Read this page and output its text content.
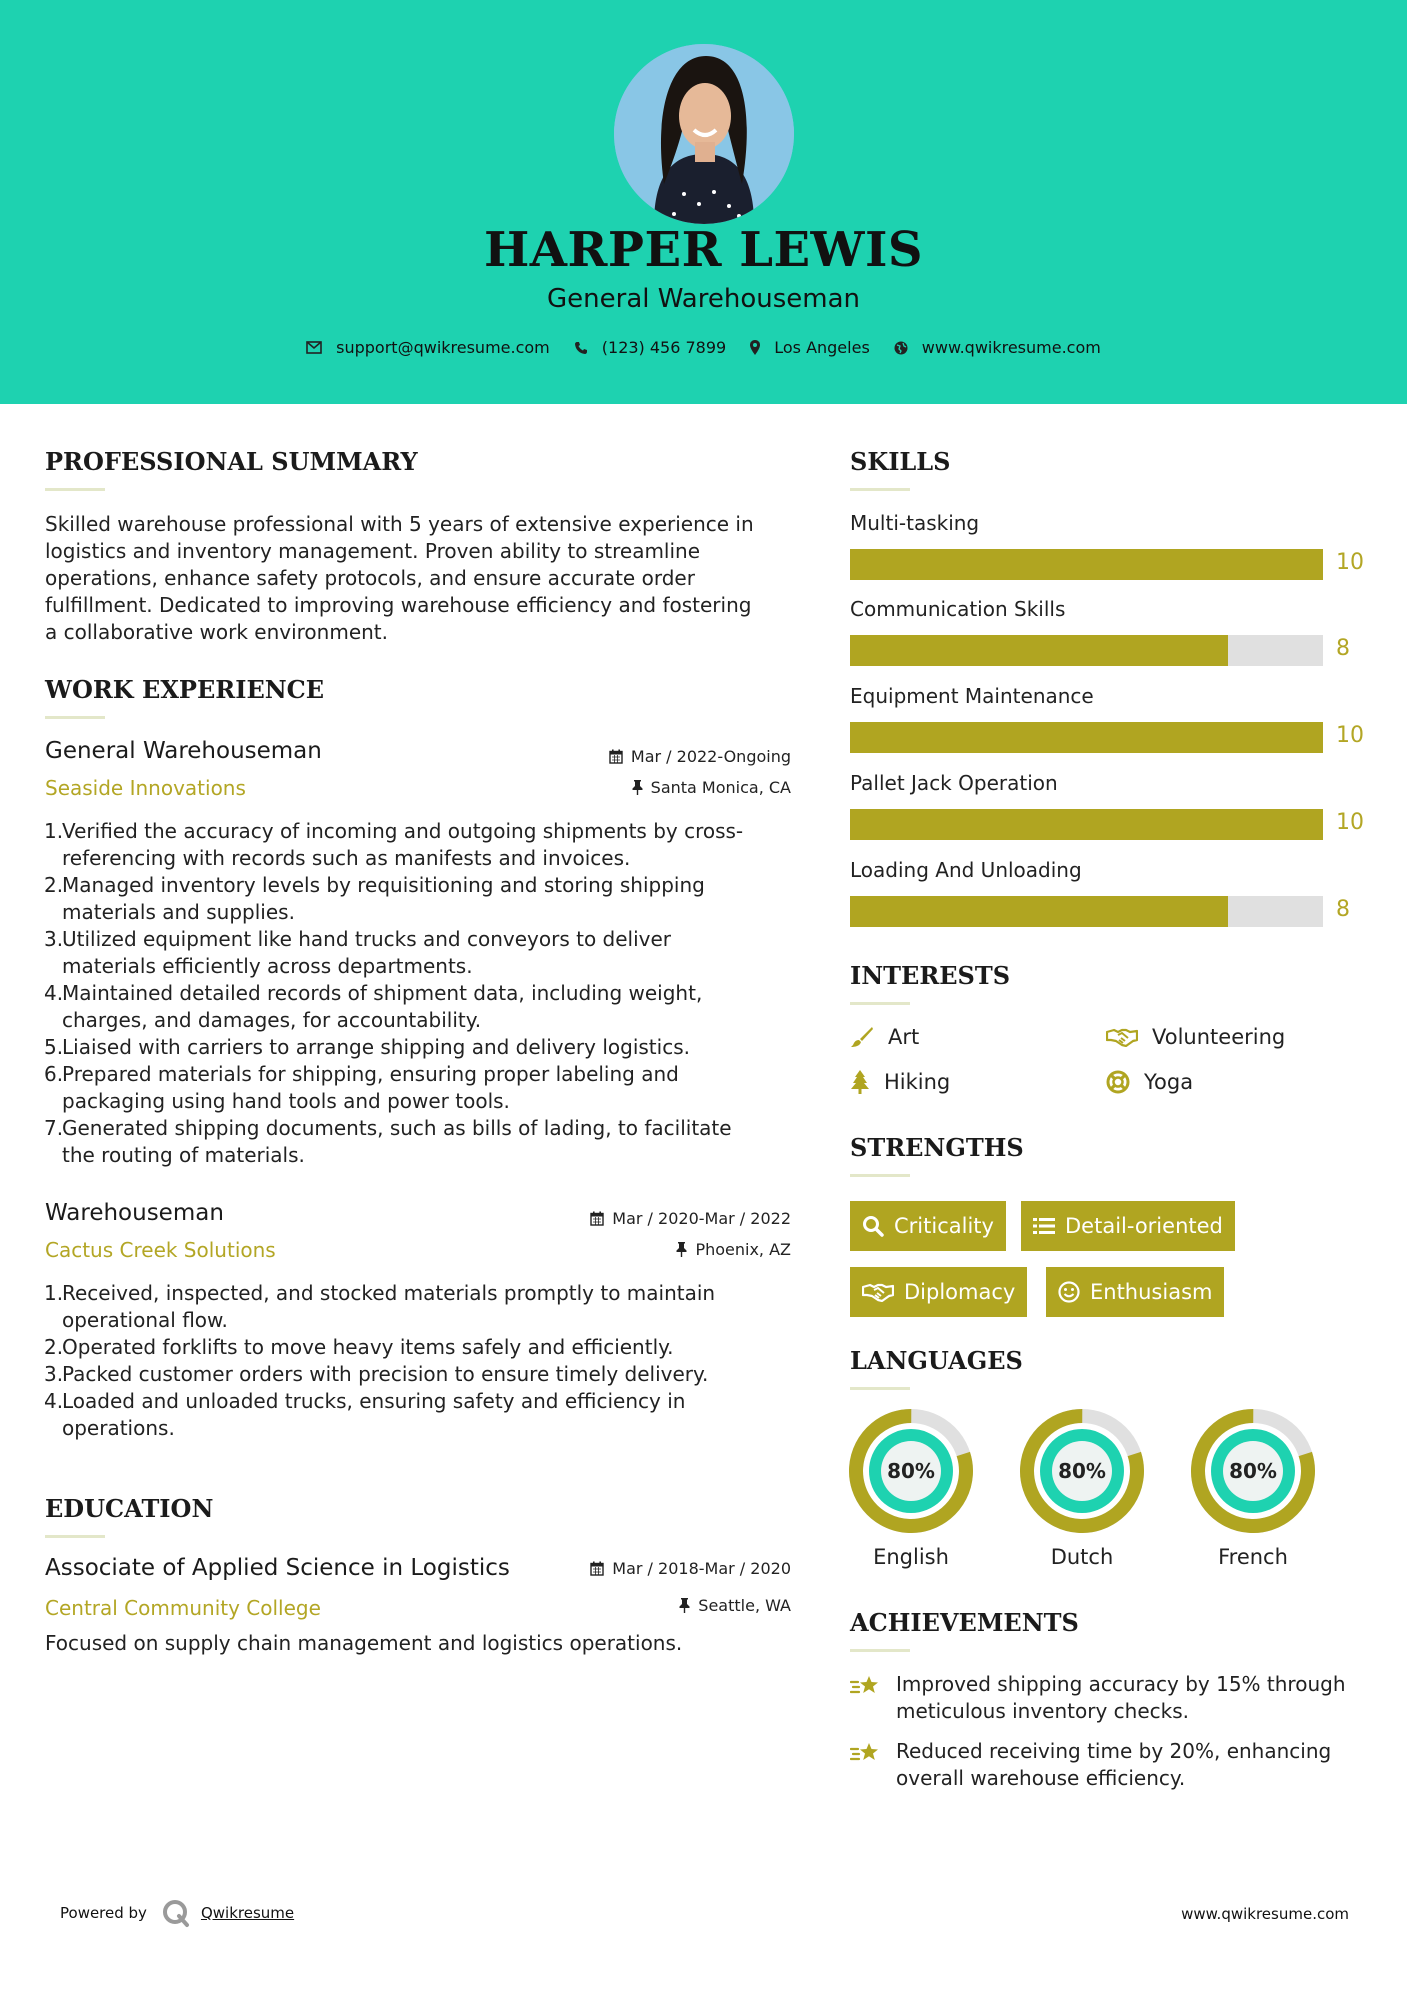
HARPER LEWIS
General Warehouseman
support@qwikresume.com	(123) 456 7899	Los Angeles	www.qwikresume.com
PROFESSIONAL SUMMARY
Skilled warehouse professional with 5 years of extensive experience in
logistics and inventory management. Proven ability to streamline
operations, enhance safety protocols, and ensure accurate order
fulfillment. Dedicated to improving warehouse efficiency and fostering
a collaborative work environment.
WORK EXPERIENCE
General Warehouseman	Mar / 2022-Ongoing
Seaside Innovations	Santa Monica, CA
1.
Verified the accuracy of incoming and outgoing shipments by cross-
referencing with records such as manifests and invoices.
2.
Managed inventory levels by requisitioning and storing shipping
materials and supplies.
3.
Utilized equipment like hand trucks and conveyors to deliver
materials efficiently across departments.
4.
Maintained detailed records of shipment data, including weight,
charges, and damages, for accountability.
5.
Liaised with carriers to arrange shipping and delivery logistics.
6.
Prepared materials for shipping, ensuring proper labeling and
packaging using hand tools and power tools.
7.
Generated shipping documents, such as bills of lading, to facilitate
the routing of materials.
Warehouseman	Mar / 2020-Mar / 2022
Cactus Creek Solutions	Phoenix, AZ
1.
Received, inspected, and stocked materials promptly to maintain
operational flow.
2.
Operated forklifts to move heavy items safely and efficiently.
3.
Packed customer orders with precision to ensure timely delivery.
4.
Loaded and unloaded trucks, ensuring safety and efficiency in
operations.
EDUCATION
Associate of Applied Science in Logistics	Mar / 2018-Mar / 2020
Central Community College	Seattle, WA
Focused on supply chain management and logistics operations.
SKILLS
Multi-tasking
10
Communication Skills
8
Equipment Maintenance
10
Pallet Jack Operation
10
Loading And Unloading
8
INTERESTS
Art	Volunteering
Hiking	Yoga
STRENGTHS
Criticality	Detail-oriented
Diplomacy	Enthusiasm
LANGUAGES
80%
English
80%
Dutch
80%
French
ACHIEVEMENTS
Improved shipping accuracy by 15% through
meticulous inventory checks.
Reduced receiving time by 20%, enhancing
overall warehouse efficiency.
Powered by	Qwikresume	www.qwikresume.com
